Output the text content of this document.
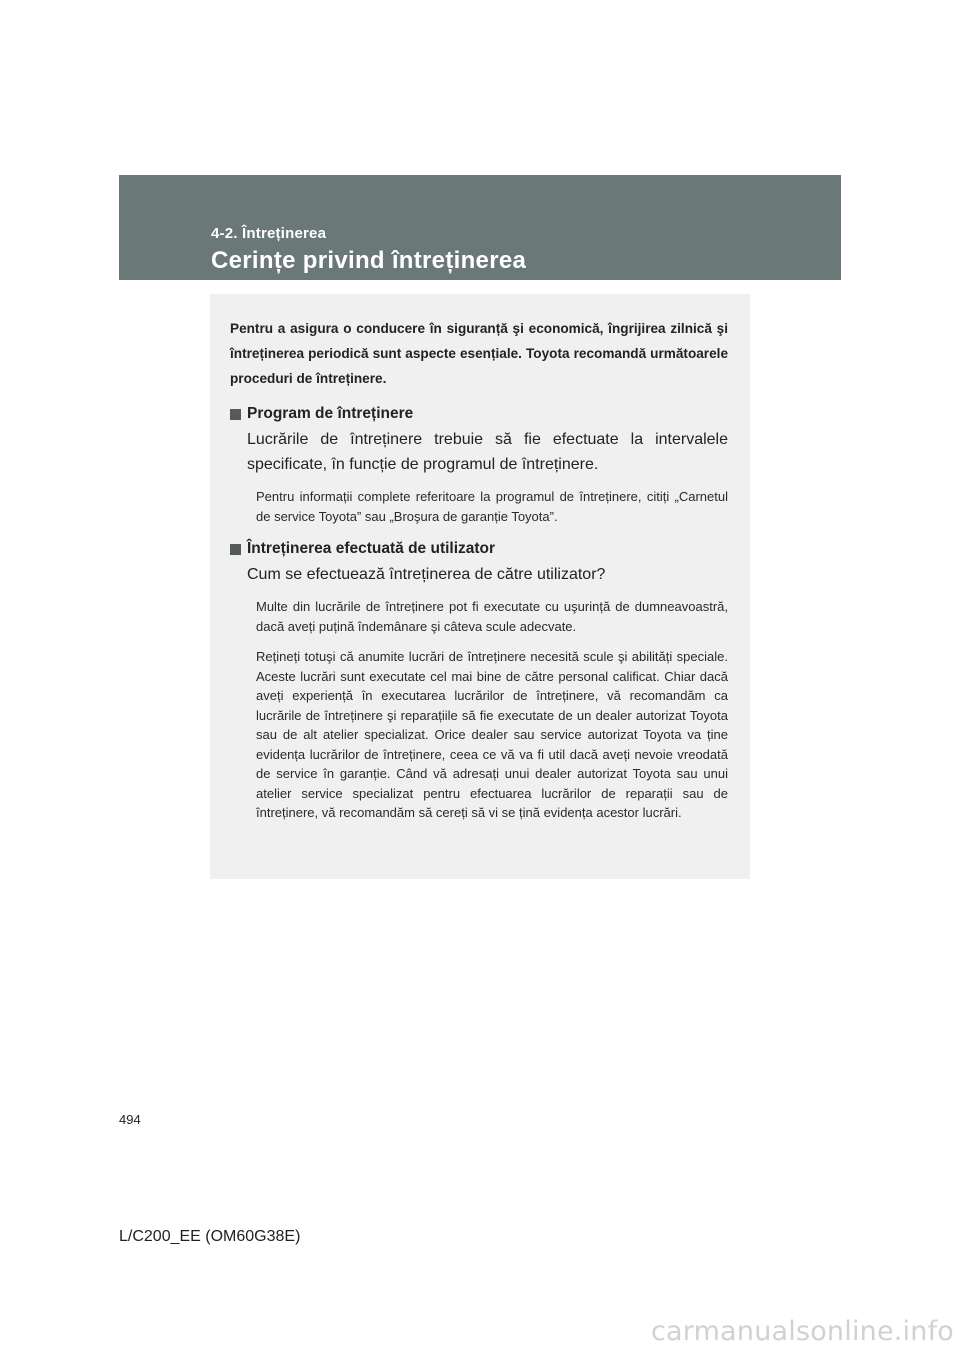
4-2. Întreținerea
Cerințe privind întreținerea

Pentru a asigura o conducere în siguranță şi economică, îngrijirea zilnică şi întreținerea periodică sunt aspecte esențiale. Toyota recomandă următoarele proceduri de întreținere.

Program de întreținere

Lucrările de întreținere trebuie să fie efectuate la intervalele specificate, în funcție de programul de întreținere.

Pentru informații complete referitoare la programul de întreținere, citiți „Carnetul de service Toyota” sau „Broşura de garanție Toyota”.

Întreținerea efectuată de utilizator

Cum se efectuează întreținerea de către utilizator?

Multe din lucrările de întreținere pot fi executate cu uşurință de dumneavoastră, dacă aveți puțină îndemânare şi câteva scule adecvate.

Rețineți totuşi că anumite lucrări de întreținere necesită scule şi abilități speciale. Aceste lucrări sunt executate cel mai bine de către personal calificat. Chiar dacă aveți experiență în executarea lucrărilor de întreținere, vă recomandăm ca lucrările de întreținere şi reparațiile să fie executate de un dealer autorizat Toyota sau de alt atelier specializat. Orice dealer sau service autorizat Toyota va ține evidența lucrărilor de întreținere, ceea ce vă va fi util dacă aveți nevoie vreodată de service în garanție. Când vă adresați unui dealer autorizat Toyota sau unui atelier service specializat pentru efectuarea lucrărilor de reparații sau de întreținere, vă recomandăm să cereți să vi se țină evidența acestor lucrări.

494
L/C200_EE (OM60G38E)
carmanualsonline.info
